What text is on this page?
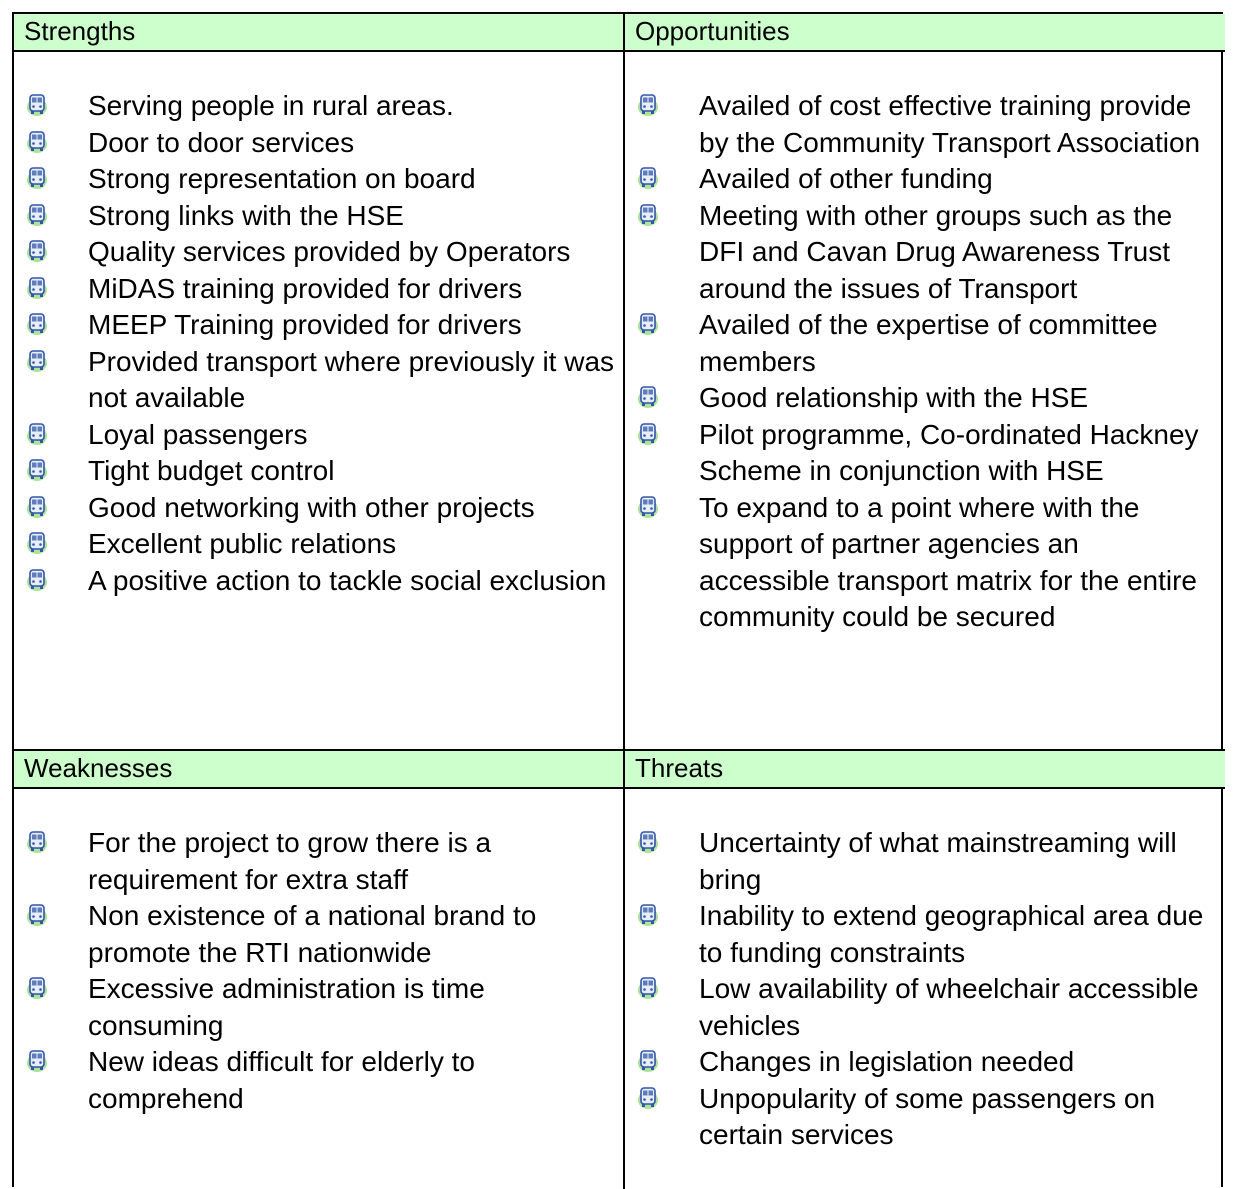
Strengths	Opportunities
Serving people in rural areas.
Door to door services
Strong representation on board
Strong links with the HSE
Quality services provided by Operators
MiDAS training provided for drivers
MEEP Training provided for drivers
Provided transport where previously it was not available
Loyal passengers
Tight budget control
Good networking with other projects
Excellent public relations
A positive action to tackle social exclusion
Availed of cost effective training provide by the Community Transport Association
Availed of other funding
Meeting with other groups such as the DFI and Cavan Drug Awareness Trust around the issues of Transport
Availed of the expertise of committee members
Good relationship with the HSE
Pilot programme, Co-ordinated Hackney Scheme in conjunction with HSE
To expand to a point where with the support of partner agencies an accessible transport matrix for the entire community could be secured
Weaknesses	Threats
For the project to grow there is a requirement for extra staff
Non existence of a national brand to promote the RTI nationwide
Excessive administration is time consuming
New ideas difficult for elderly to comprehend
Uncertainty of what mainstreaming will bring
Inability to extend geographical area due to funding constraints
Low availability of wheelchair accessible vehicles
Changes in legislation needed
Unpopularity of some passengers on certain services
